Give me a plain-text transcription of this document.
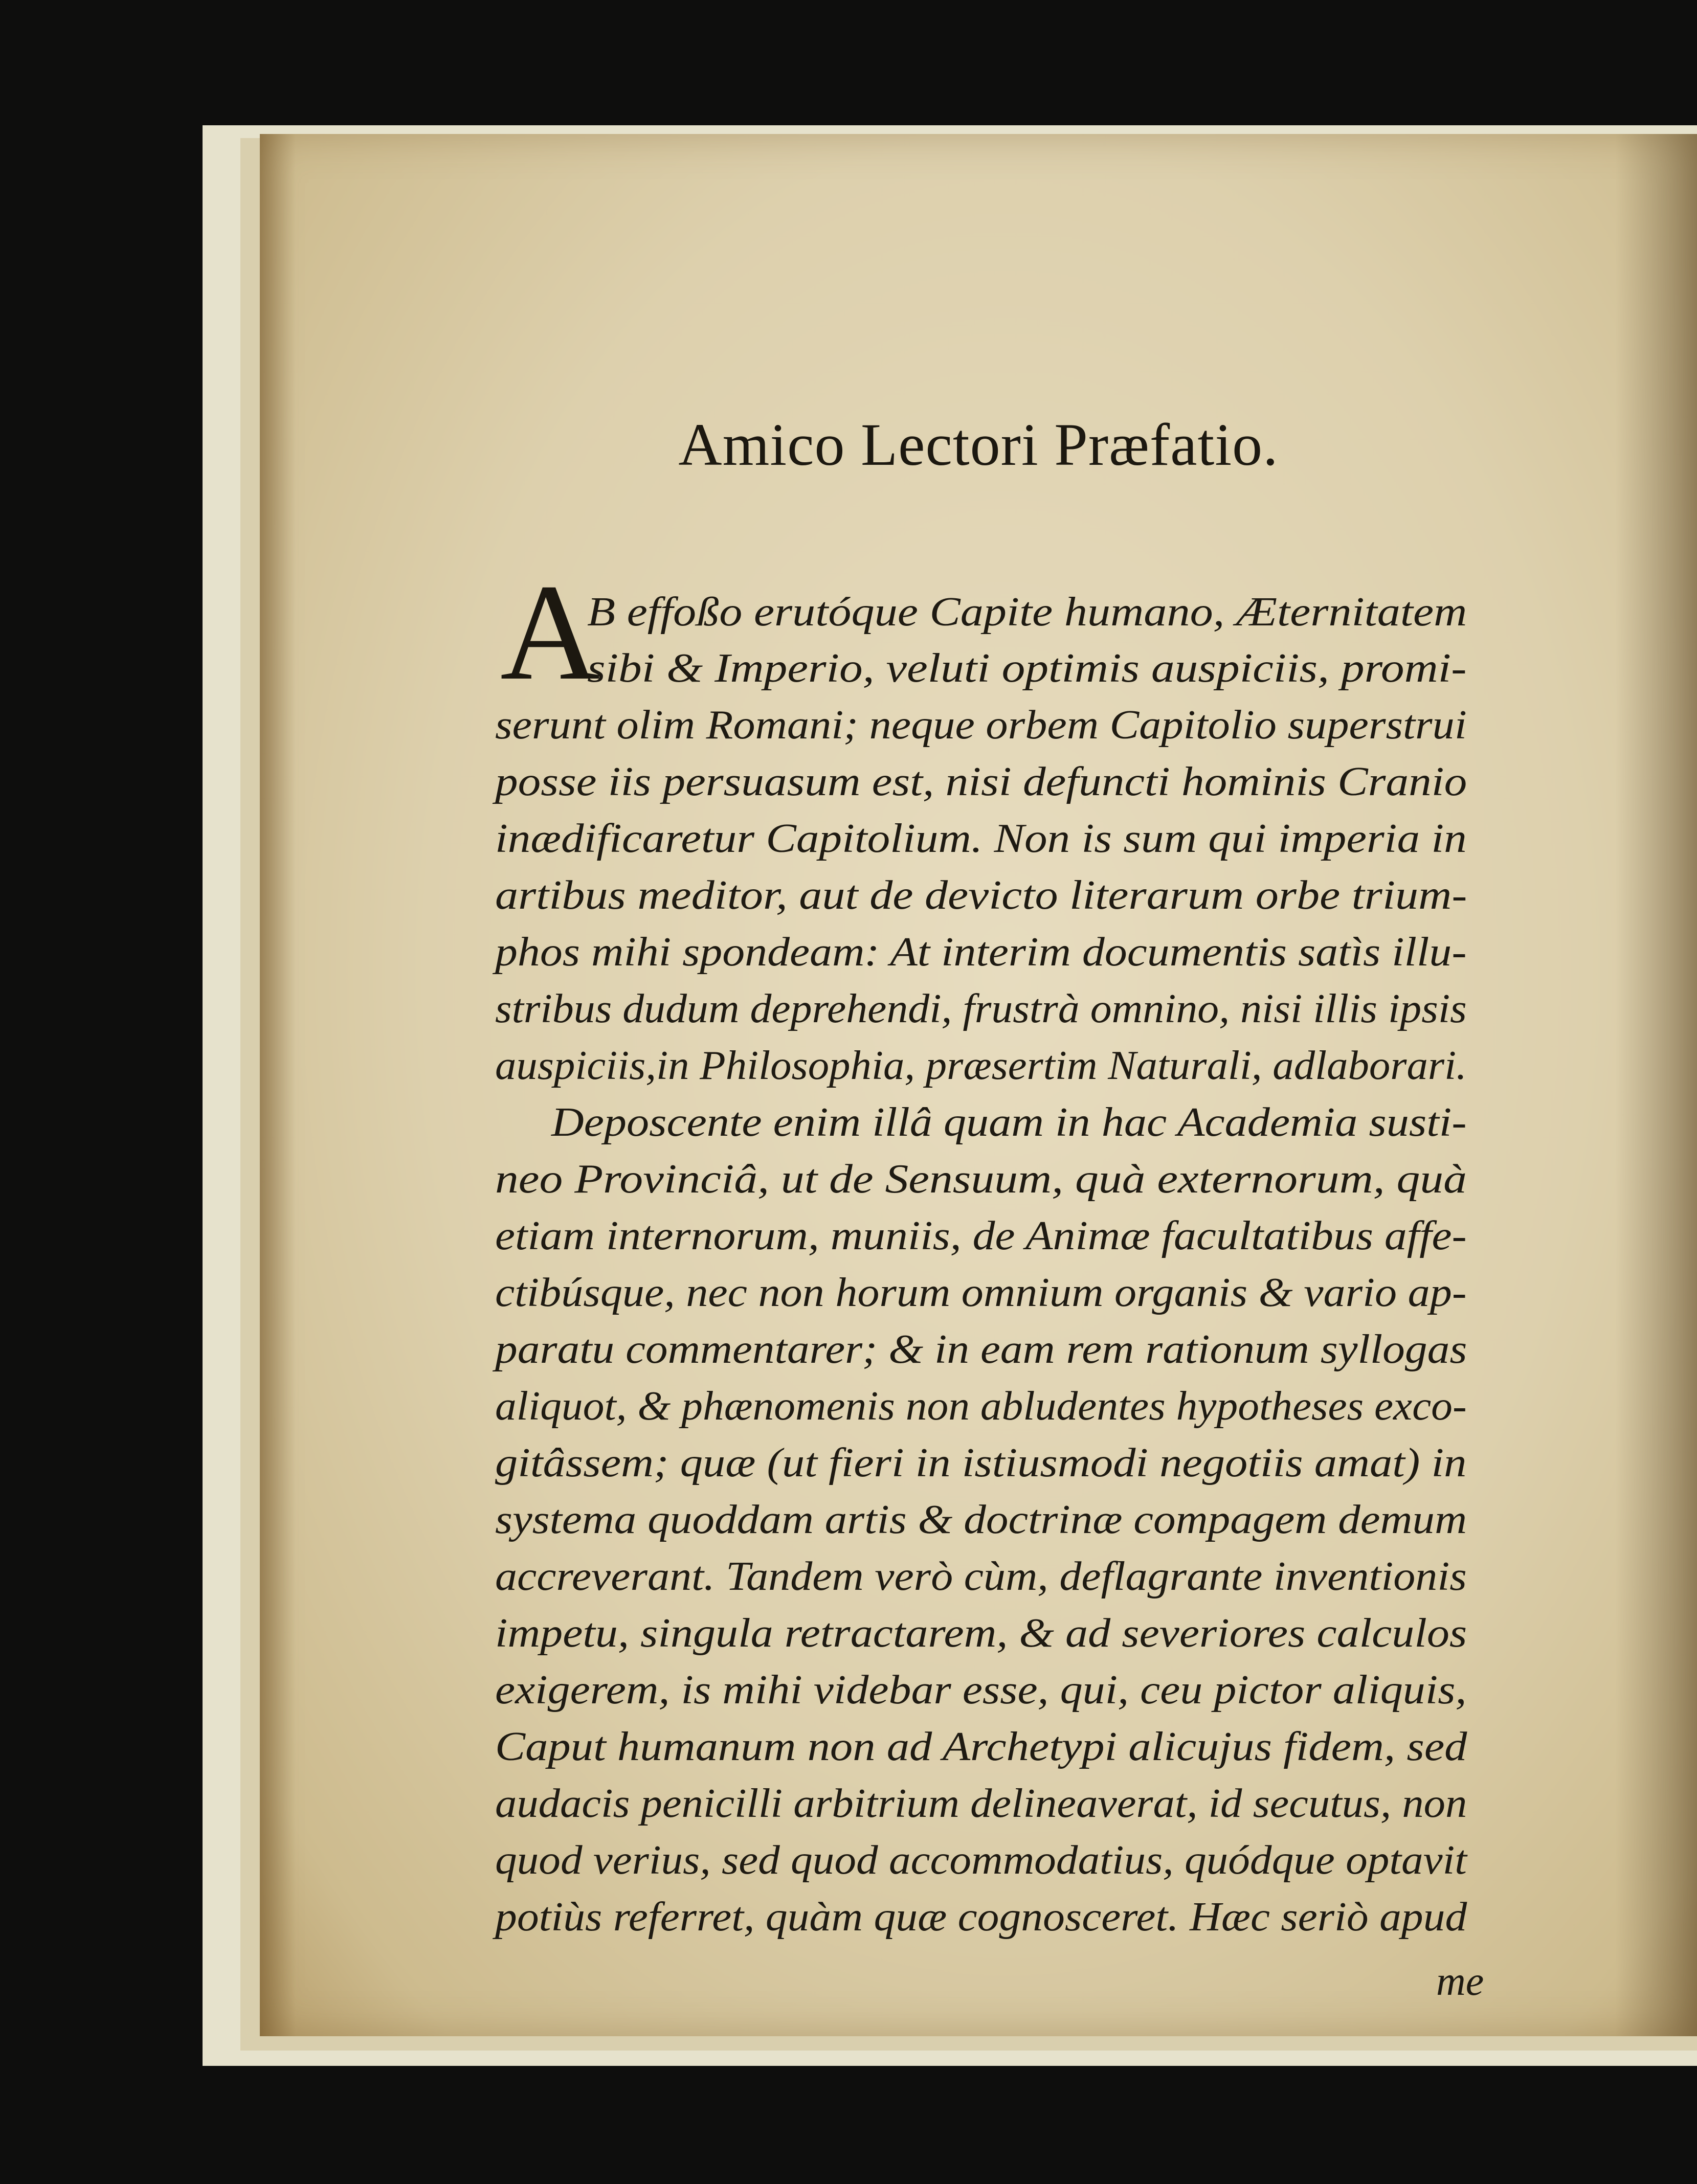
Amico Lectori Præfatio.
A

B effoßo erutóque Capite humano, Æternitatem

sibi & Imperio, veluti optimis auspiciis, promi-

serunt olim Romani; neque orbem Capitolio superstrui

posse iis persuasum est, nisi defuncti hominis Cranio

inædificaretur Capitolium. Non is sum qui imperia in

artibus meditor, aut de devicto literarum orbe trium-

phos mihi spondeam: At interim documentis satìs illu-

stribus dudum deprehendi, frustrà omnino, nisi illis ipsis

auspiciis,in Philosophia, præsertim Naturali, adlaborari.

Deposcente enim illâ quam in hac Academia susti-

neo Provinciâ, ut de Sensuum, quà externorum, quà

etiam internorum, muniis, de Animæ facultatibus affe-

ctibúsque, nec non horum omnium organis & vario ap-

paratu commentarer; & in eam rem rationum syllogas

aliquot, & phænomenis non abludentes hypotheses exco-

gitâssem; quæ (ut fieri in istiusmodi negotiis amat) in

systema quoddam artis & doctrinæ compagem demum

accreverant. Tandem verò cùm, deflagrante inventionis

impetu, singula retractarem, & ad severiores calculos

exigerem, is mihi videbar esse, qui, ceu pictor aliquis,

Caput humanum non ad Archetypi alicujus fidem, sed

audacis penicilli arbitrium delineaverat, id secutus, non

quod verius, sed quod accommodatius, quódque optavit

potiùs referret, quàm quæ cognosceret. Hæc seriò apud

me
